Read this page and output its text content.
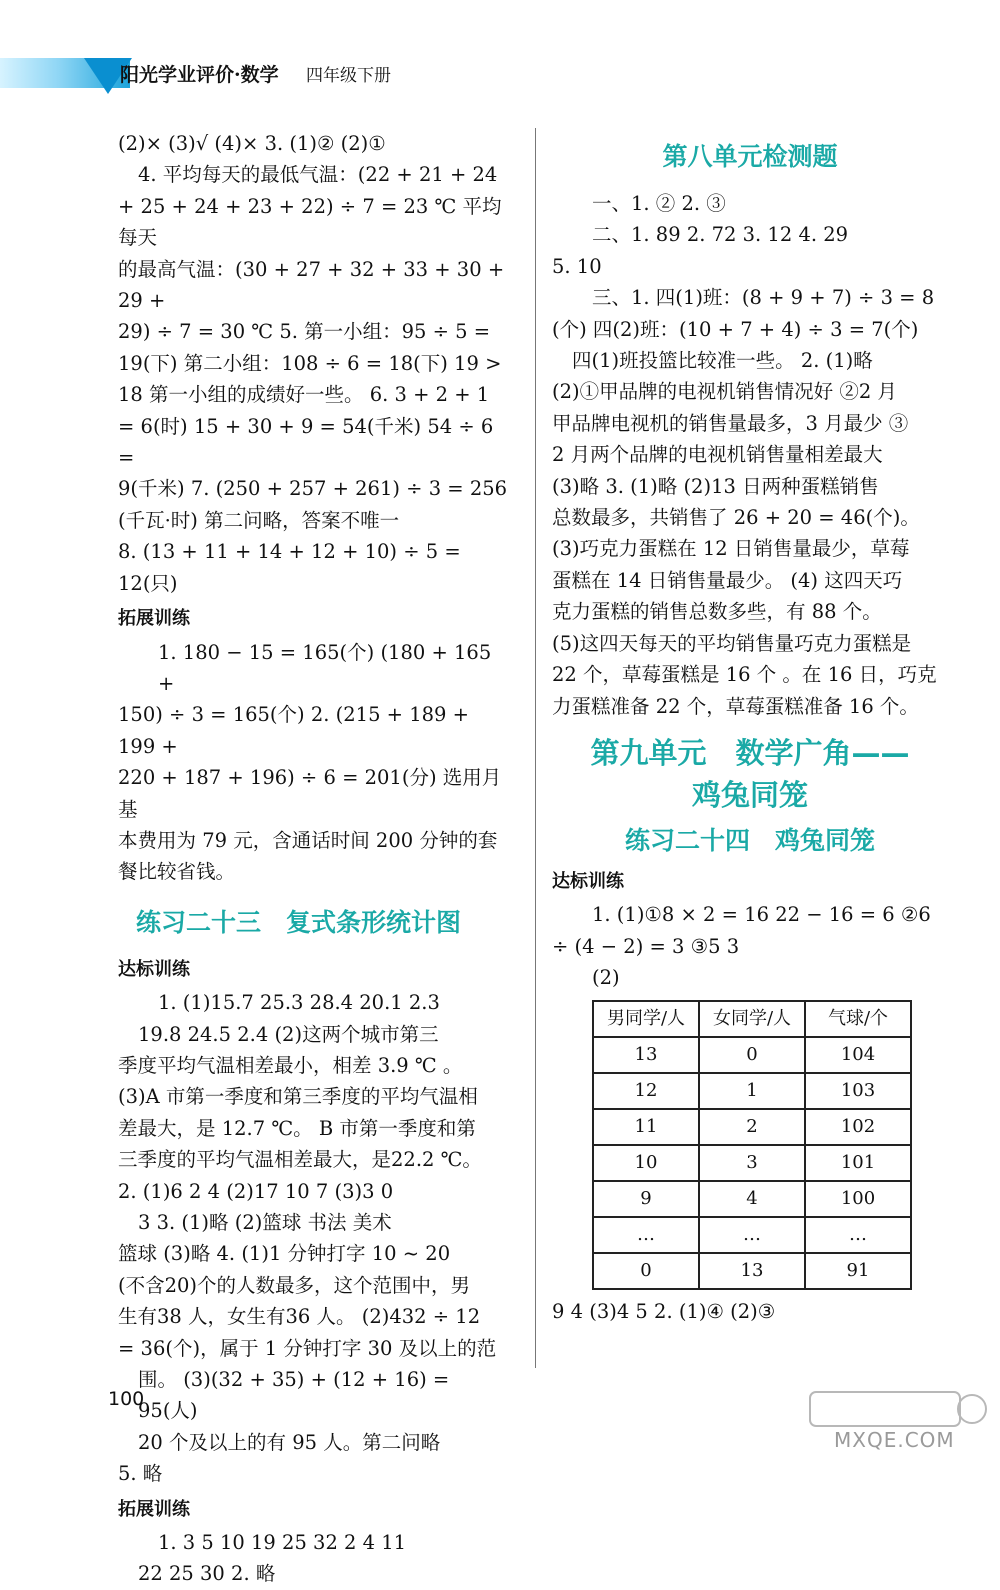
阳光学业评价·数学 四年级下册

(2)× (3)√ (4)× 3. (1)② (2)①

4. 平均每天的最低气温：(22 + 21 + 24

+ 25 + 24 + 23 + 22) ÷ 7 = 23 ℃ 平均每天

的最高气温：(30 + 27 + 32 + 33 + 30 + 29 +

29) ÷ 7 = 30 ℃ 5. 第一小组：95 ÷ 5 =

19(下) 第二小组：108 ÷ 6 = 18(下) 19 >

18 第一小组的成绩好一些。 6. 3 + 2 + 1

= 6(时) 15 + 30 + 9 = 54(千米) 54 ÷ 6 =

9(千米) 7. (250 + 257 + 261) ÷ 3 = 256

(千瓦·时) 第二问略，答案不唯一

8. (13 + 11 + 14 + 12 + 10) ÷ 5 = 12(只)

拓展训练

1. 180 − 15 = 165(个) (180 + 165 +

150) ÷ 3 = 165(个) 2. (215 + 189 + 199 +

220 + 187 + 196) ÷ 6 = 201(分) 选用月基

本费用为 79 元，含通话时间 200 分钟的套

餐比较省钱。

练习二十三　复式条形统计图
达标训练

1. (1)15.7 25.3 28.4 20.1 2.3

19.8 24.5 2.4 (2)这两个城市第三

季度平均气温相差最小，相差 3.9 ℃ 。

(3)A 市第一季度和第三季度的平均气温相

差最大，是 12.7 ℃。 B 市第一季度和第

三季度的平均气温相差最大，是22.2 ℃。

2. (1)6 2 4 (2)17 10 7 (3)3 0

3 3. (1)略 (2)篮球 书法 美术

篮球 (3)略 4. (1)1 分钟打字 10 ~ 20

(不含20)个的人数最多，这个范围中，男

生有38 人，女生有36 人。 (2)432 ÷ 12

= 36(个)，属于 1 分钟打字 30 及以上的范

围。 (3)(32 + 35) + (12 + 16) = 95(人)

20 个及以上的有 95 人。第二问略

5. 略

拓展训练

1. 3 5 10 19 25 32 2 4 11

22 25 30 2. 略

第八单元检测题

一、1. ② 2. ③

二、1. 89 2. 72 3. 12 4. 29

5. 10

三、1. 四(1)班：(8 + 9 + 7) ÷ 3 = 8

(个) 四(2)班：(10 + 7 + 4) ÷ 3 = 7(个)

四(1)班投篮比较准一些。 2. (1)略

(2)①甲品牌的电视机销售情况好 ②2 月

甲品牌电视机的销售量最多，3 月最少 ③

2 月两个品牌的电视机销售量相差最大

(3)略 3. (1)略 (2)13 日两种蛋糕销售

总数最多，共销售了 26 + 20 = 46(个)。

(3)巧克力蛋糕在 12 日销售量最少，草莓

蛋糕在 14 日销售量最少。 (4) 这四天巧

克力蛋糕的销售总数多些，有 88 个。

(5)这四天每天的平均销售量巧克力蛋糕是

22 个，草莓蛋糕是 16 个 。在 16 日，巧克

力蛋糕准备 22 个，草莓蛋糕准备 16 个。

第九单元　数学广角——
鸡兔同笼
练习二十四　鸡兔同笼
达标训练

1. (1)①8 × 2 = 16 22 − 16 = 6 ②6

÷ (4 − 2) = 3 ③5 3

(2)

男同学/人	女同学/人	气球/个
13	0	104
12	1	103
11	2	102
10	3	101
9	4	100
…	…	…
0	13	91

9 4 (3)4 5 2. (1)④ (2)③

100
MXQE.COM
